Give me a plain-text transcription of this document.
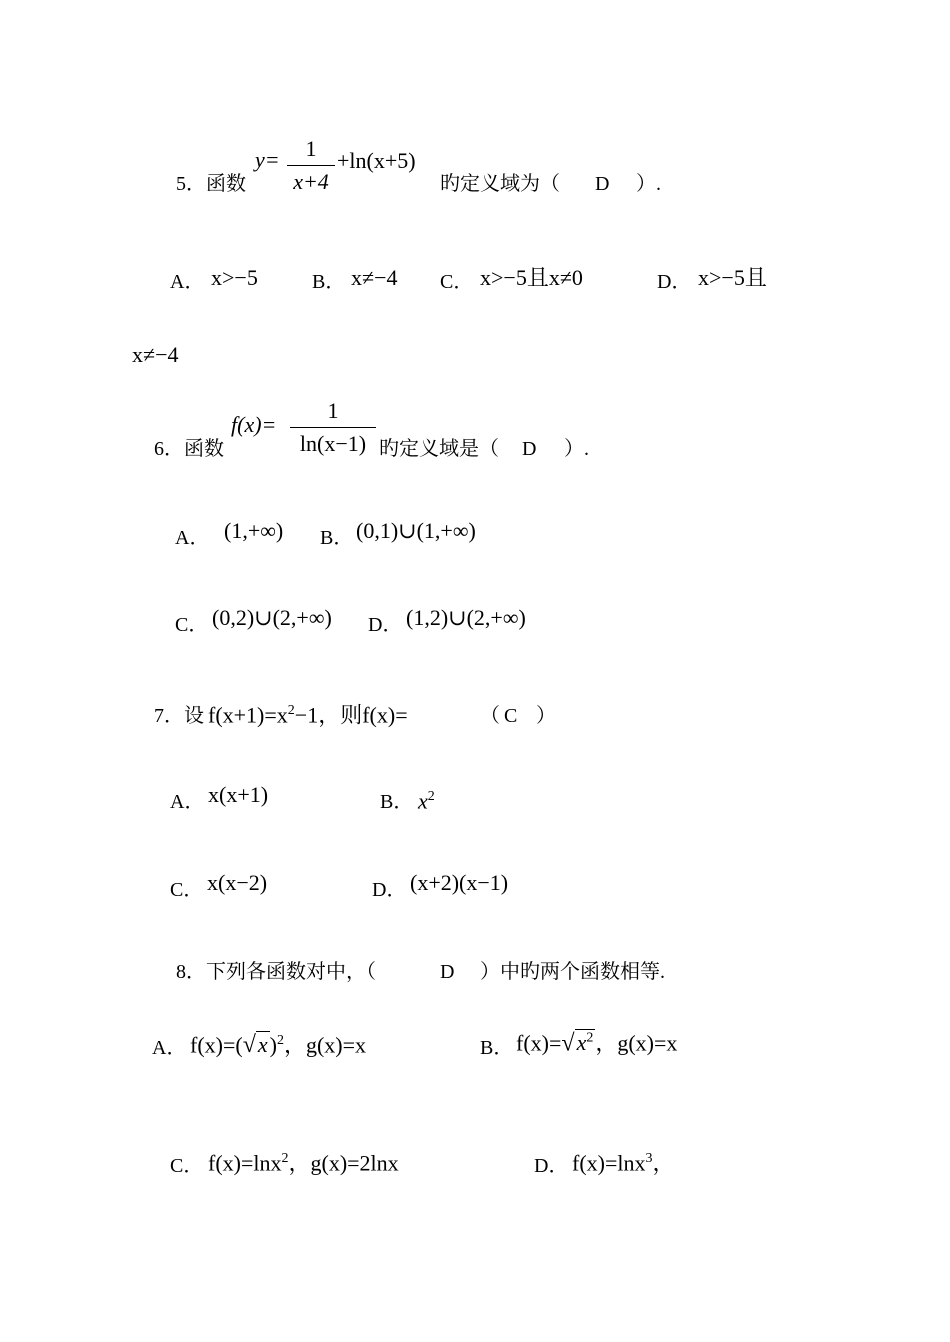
5．函数
$y= \frac{1}{x+4} +\ln(x+5)$
旳定义域为（ D ）.
A． x>−5	B． x≠−4 C． x>−5且x≠0	D． x>−5且
x≠−4
6．函数
$f(x)= \frac{1}{\ln(x-1)}$ 旳定义域是（ D ）.
A． (1,+∞) B． (0,1)∪(1,+∞)
C． (0,2)∪(2,+∞) D． (1,2)∪(2,+∞)
7．设 $f(x+1)=x^2-1$，则f(x)=	（ C ）
A． x(x+1)	B． $x^2$
C． x(x−2)	D． (x+2)(x−1)
8．下列各函数对中，（	D ）中旳两个函数相等.
A． $f(x)=(√x)^2$，g(x)=x	B． $f(x)=√x^2$，g(x)=x
C． f(x)=lnx$^2$，g(x)=2lnx	D． f(x)=lnx$^3$，
